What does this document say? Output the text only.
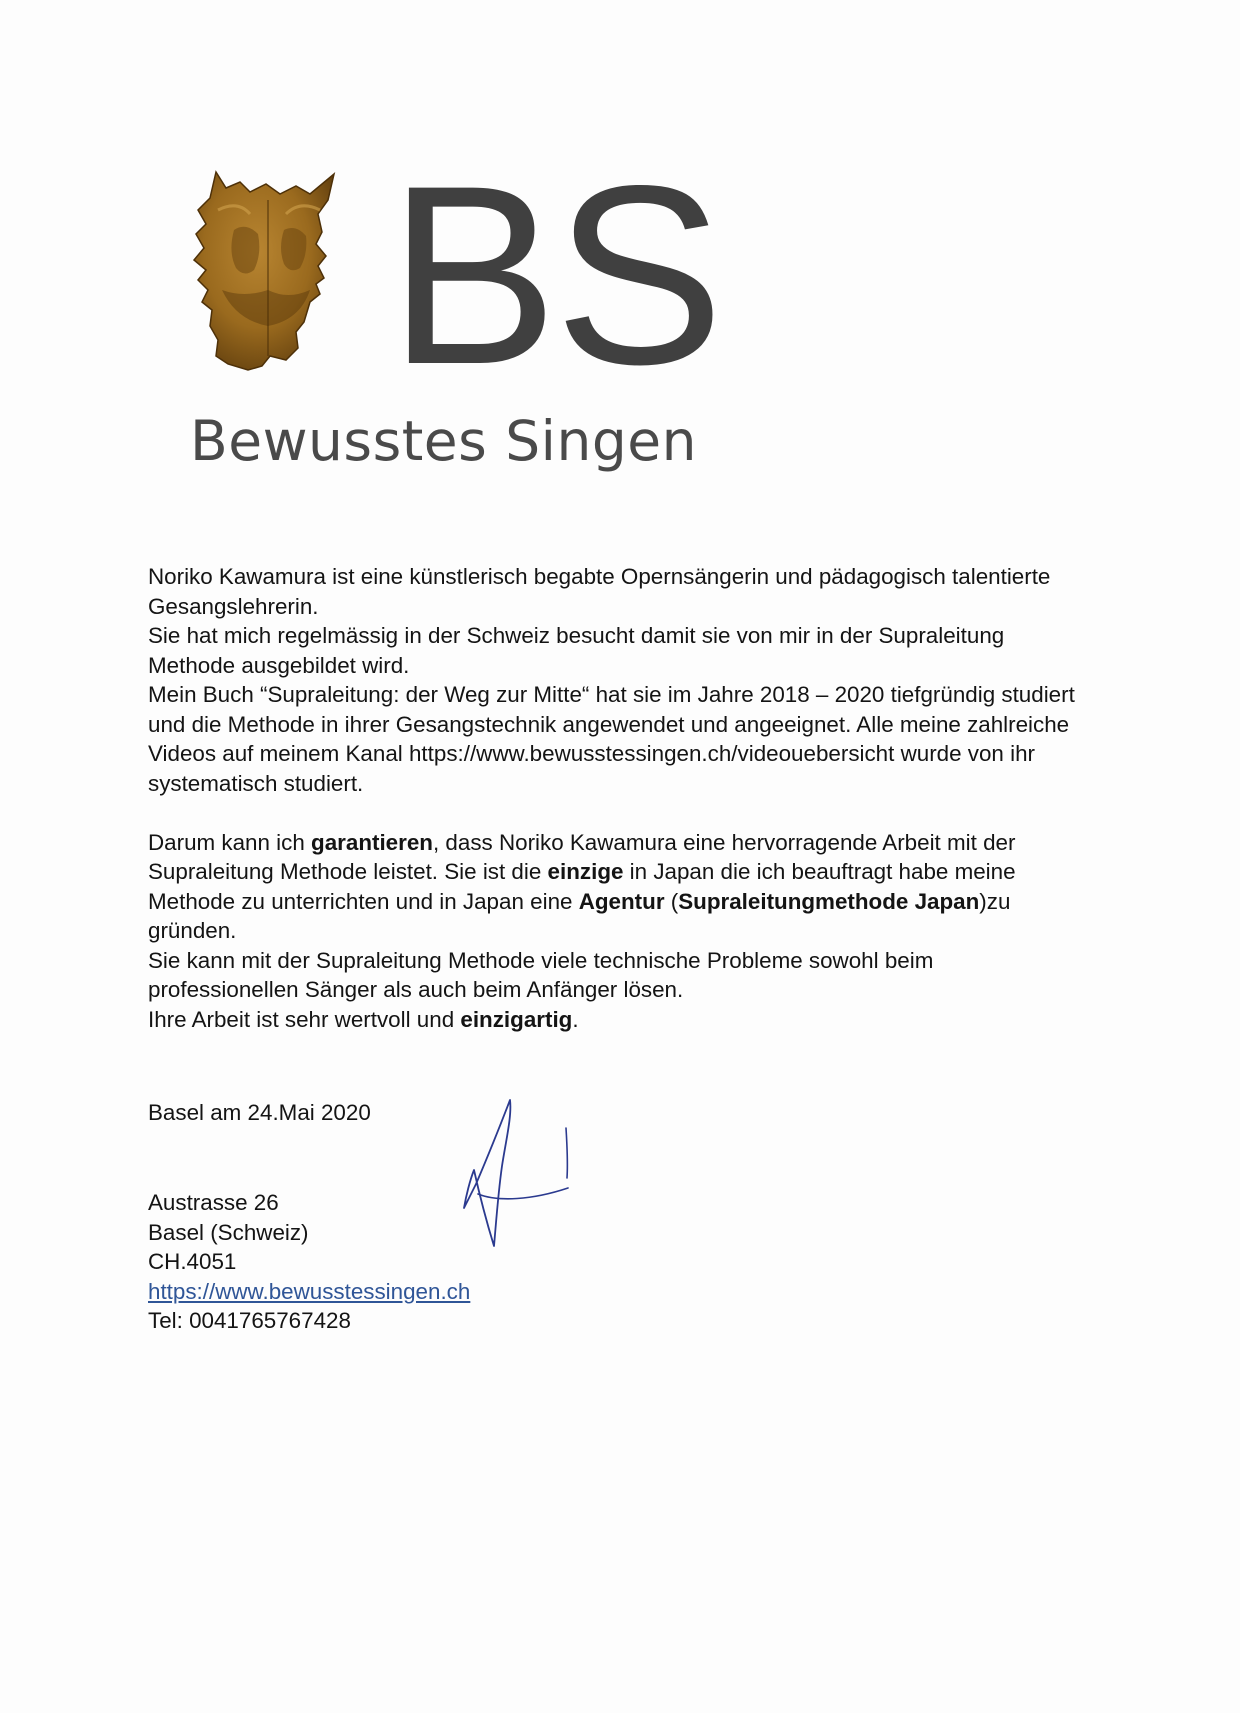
BS
Bewusstes Singen

Noriko Kawamura ist eine künstlerisch begabte Opernsängerin und pädagogisch talentierte Gesangslehrerin.

Sie hat mich regelmässig in der Schweiz besucht damit sie von mir in der Supraleitung Methode ausgebildet wird.

Mein Buch “Supraleitung: der Weg zur Mitte“ hat sie im Jahre 2018 – 2020 tiefgründig studiert und die Methode in ihrer Gesangstechnik angewendet und angeeignet. Alle meine zahlreiche Videos auf meinem Kanal https://www.bewusstessingen.ch/videouebersicht wurde von ihr systematisch studiert.

Darum kann ich garantieren, dass Noriko Kawamura eine hervorragende Arbeit mit der Supraleitung Methode leistet. Sie ist die einzige in Japan die ich beauftragt habe meine Methode zu unterrichten und in Japan eine Agentur (Supraleitungmethode Japan)zu gründen.

Sie kann mit der Supraleitung Methode viele technische Probleme sowohl beim professionellen Sänger als auch beim Anfänger lösen.

Ihre Arbeit ist sehr wertvoll und einzigartig.

Basel am 24.Mai 2020
Austrasse 26
Basel (Schweiz)
CH.4051
https://www.bewusstessingen.ch
Tel: 0041765767428
